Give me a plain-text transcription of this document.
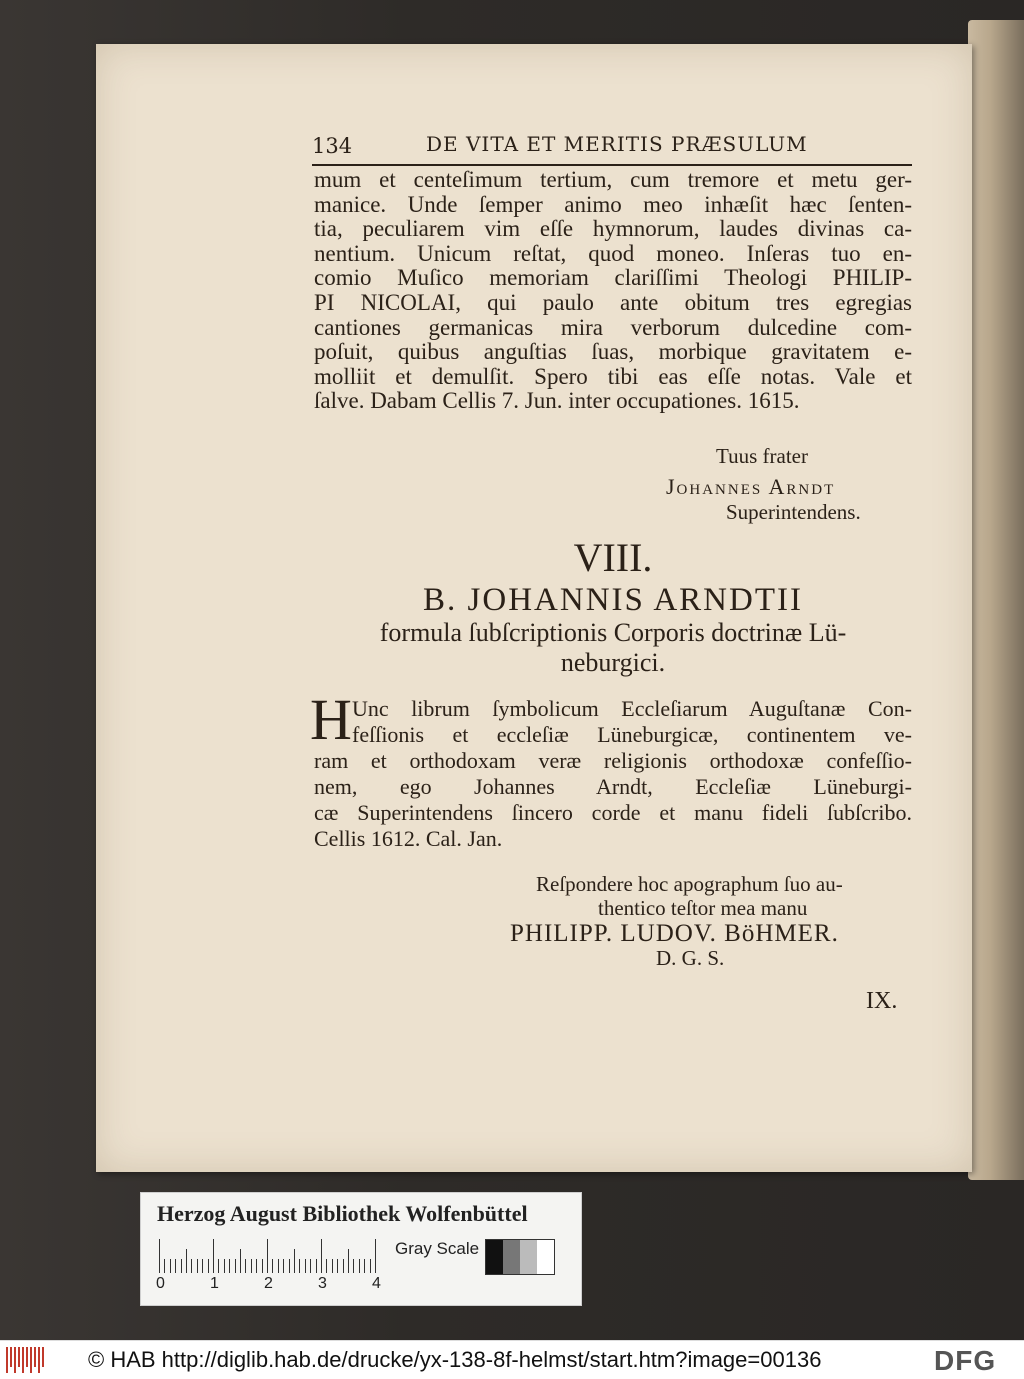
134	DE VITA ET MERITIS PRÆSULUM
mum et centeſimum tertium, cum tremore et metu ger-
manice. Unde ſemper animo meo inhæſit hæc ſenten-
tia, peculiarem vim eſſe hymnorum, laudes divinas ca-
nentium. Unicum reſtat, quod moneo. Inſeras tuo en-
comio Muſico memoriam clariſſimi Theologi PHILIP-
PI NICOLAI, qui paulo ante obitum tres egregias
cantiones germanicas mira verborum dulcedine com-
poſuit, quibus anguſtias ſuas, morbique gravitatem e-
molliit et demulſit. Spero tibi eas eſſe notas. Vale et
ſalve. Dabam Cellis 7. Jun. inter occupationes. 1615.
Tuus frater
Johannes Arndt
Superintendens.
VIII.
B. JOHANNIS ARNDTII
formula ſubſcriptionis Corporis doctrinæ Lü-
neburgici.
H Unc librum ſymbolicum Eccleſiarum Auguſtanæ Con-
feſſionis et eccleſiæ Lüneburgicæ, continentem ve-
ram et orthodoxam veræ religionis orthodoxæ confeſſio-
nem, ego Johannes Arndt, Eccleſiæ Lüneburgi-
cæ Superintendens ſincero corde et manu fideli ſubſcribo.
Cellis 1612. Cal. Jan.
Reſpondere hoc apographum ſuo au-
thentico teſtor mea manu
PHILIPP. LUDOV. BöHMER.
D. G. S.
IX.
Herzog August Bibliothek Wolfenbüttel
0	1	2	3	4
Gray Scale
© HAB http://diglib.hab.de/drucke/yx-138-8f-helmst/start.htm?image=00136	DFG
